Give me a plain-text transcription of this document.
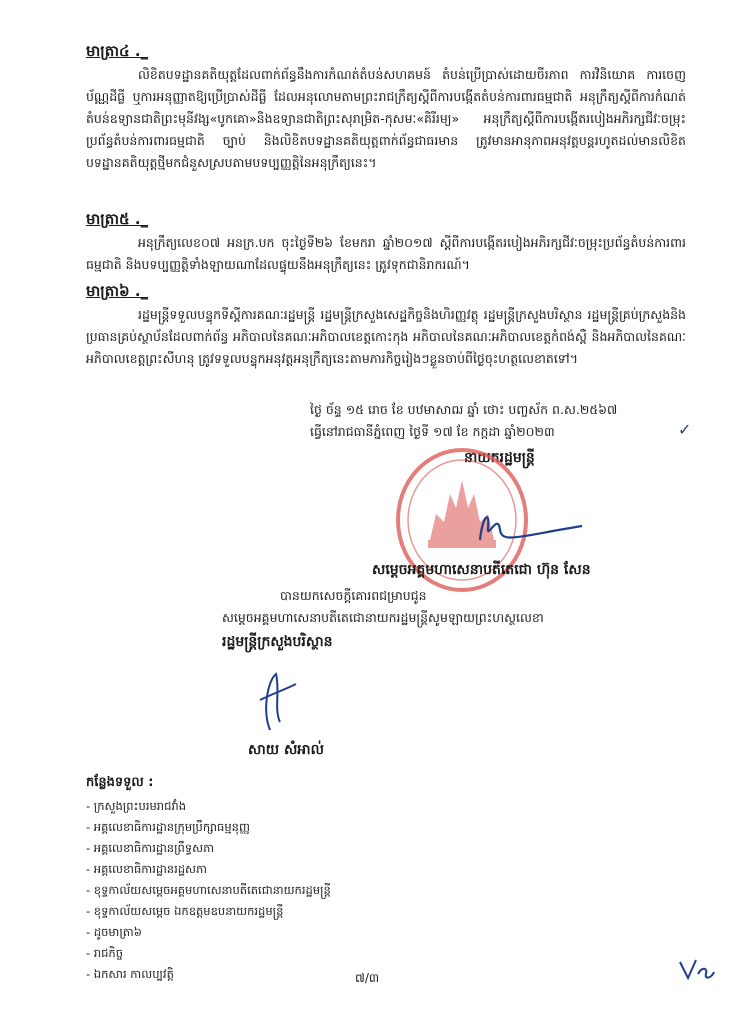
មាត្រា៤ ._

លិខិតបទដ្ឋានគតិយុត្តដែលពាក់ព័ន្ធនឹងការកំណត់តំបន់សហគមន៍ តំបន់ប្រើប្រាស់ដោយចីរភាព ការវិនិយោគ ការចេញប័ណ្ណដីធ្លី ឬការអនុញ្ញាតឱ្យប្រើប្រាស់ដីធ្លី ដែលអនុលោមតាមព្រះរាជក្រឹត្យស្តីពីការបង្កើតតំបន់ការពារធម្មជាតិ អនុក្រឹត្យស្តីពីការកំណត់តំបន់ឧទ្យានជាតិព្រះមុនីវង្ស«បូកគោ»និងឧទ្យានជាតិព្រះសុរាម្រិត-កុសមៈ«គិរីរម្យ» អនុក្រឹត្យស្តីពីការបង្កើតរបៀងអភិរក្សជីវៈចម្រុះប្រព័ន្ធតំបន់ការពារធម្មជាតិ ច្បាប់ និងលិខិតបទដ្ឋានគតិយុត្តពាក់ព័ន្ធជាធរមាន ត្រូវមានអានុភាពអនុវត្តបន្តរហូតដល់មានលិខិតបទដ្ឋានគតិយុត្តថ្មីមកជំនួសស្របតាមបទប្បញ្ញត្តិនៃអនុក្រឹត្យនេះ។

មាត្រា៥ ._

អនុក្រឹត្យលេខ០៧ អនក្រ.បក ចុះថ្ងៃទី២៦ ខែមករា ឆ្នាំ២០១៧ ស្តីពីការបង្កើតរបៀងអភិរក្សជីវៈចម្រុះប្រព័ន្ធតំបន់ការពារធម្មជាតិ និងបទប្បញ្ញត្តិទាំងឡាយណាដែលផ្ទុយនឹងអនុក្រឹត្យនេះ ត្រូវទុកជានិរាករណ៍។

មាត្រា៦ ._

រដ្ឋមន្ត្រីទទួលបន្ទុកទីស្តីការគណៈរដ្ឋមន្ត្រី រដ្ឋមន្ត្រីក្រសួងសេដ្ឋកិច្ចនិងហិរញ្ញវត្ថុ រដ្ឋមន្ត្រីក្រសួងបរិស្ថាន រដ្ឋមន្ត្រីគ្រប់ក្រសួងនិងប្រធានគ្រប់ស្ថាប័នដែលពាក់ព័ន្ធ អភិបាលនៃគណៈអភិបាលខេត្តកោះកុង អភិបាលនៃគណៈអភិបាលខេត្តកំពង់ស្ពឺ និងអភិបាលនៃគណៈអភិបាលខេត្តព្រះសីហនុ ត្រូវទទួលបន្ទុកអនុវត្តអនុក្រឹត្យនេះតាមភារកិច្ចរៀងៗខ្លួនចាប់ពីថ្ងៃចុះហត្ថលេខាតទៅ។

ថ្ងៃ ច័ន្ទ ១៥ រោច ខែ បឋមាសាឍ ឆ្នាំ ថោះ បញ្ចស័ក ព.ស.២៥៦៧
ធ្វើនៅរាជធានីភ្នំពេញ ថ្ងៃទី ១៧ ខែ កក្កដា ឆ្នាំ២០២៣	✓
នាយករដ្ឋមន្ត្រី
សម្តេចអគ្គមហាសេនាបតីតេជោ ហ៊ុន សែន
បានយកសេចក្តីគោរពជម្រាបជូន
សម្តេចអគ្គមហាសេនាបតីតេជោនាយករដ្ឋមន្ត្រីសូមឡាយព្រះហស្ថលេខា
រដ្ឋមន្ត្រីក្រសួងបរិស្ថាន
សាយ សំអាល់
កន្លែងទទួល :
- ក្រសួងព្រះបរមរាជវាំង
- អគ្គលេខាធិការដ្ឋានក្រុមប្រឹក្សាធម្មនុញ្ញ
- អគ្គលេខាធិការដ្ឋានព្រឹទ្ធសភា
- អគ្គលេខាធិការដ្ឋានរដ្ឋសភា
- ខុទ្ទកាល័យសម្តេចអគ្គមហាសេនាបតីតេជោនាយករដ្ឋមន្ត្រី
- ខុទ្ទកាល័យសម្តេច ឯកឧត្តមឧបនាយករដ្ឋមន្ត្រី
- ដូចមាត្រា៦
- រាជកិច្ច
- ឯកសារ កាលប្បវត្តិ	៧/៣
